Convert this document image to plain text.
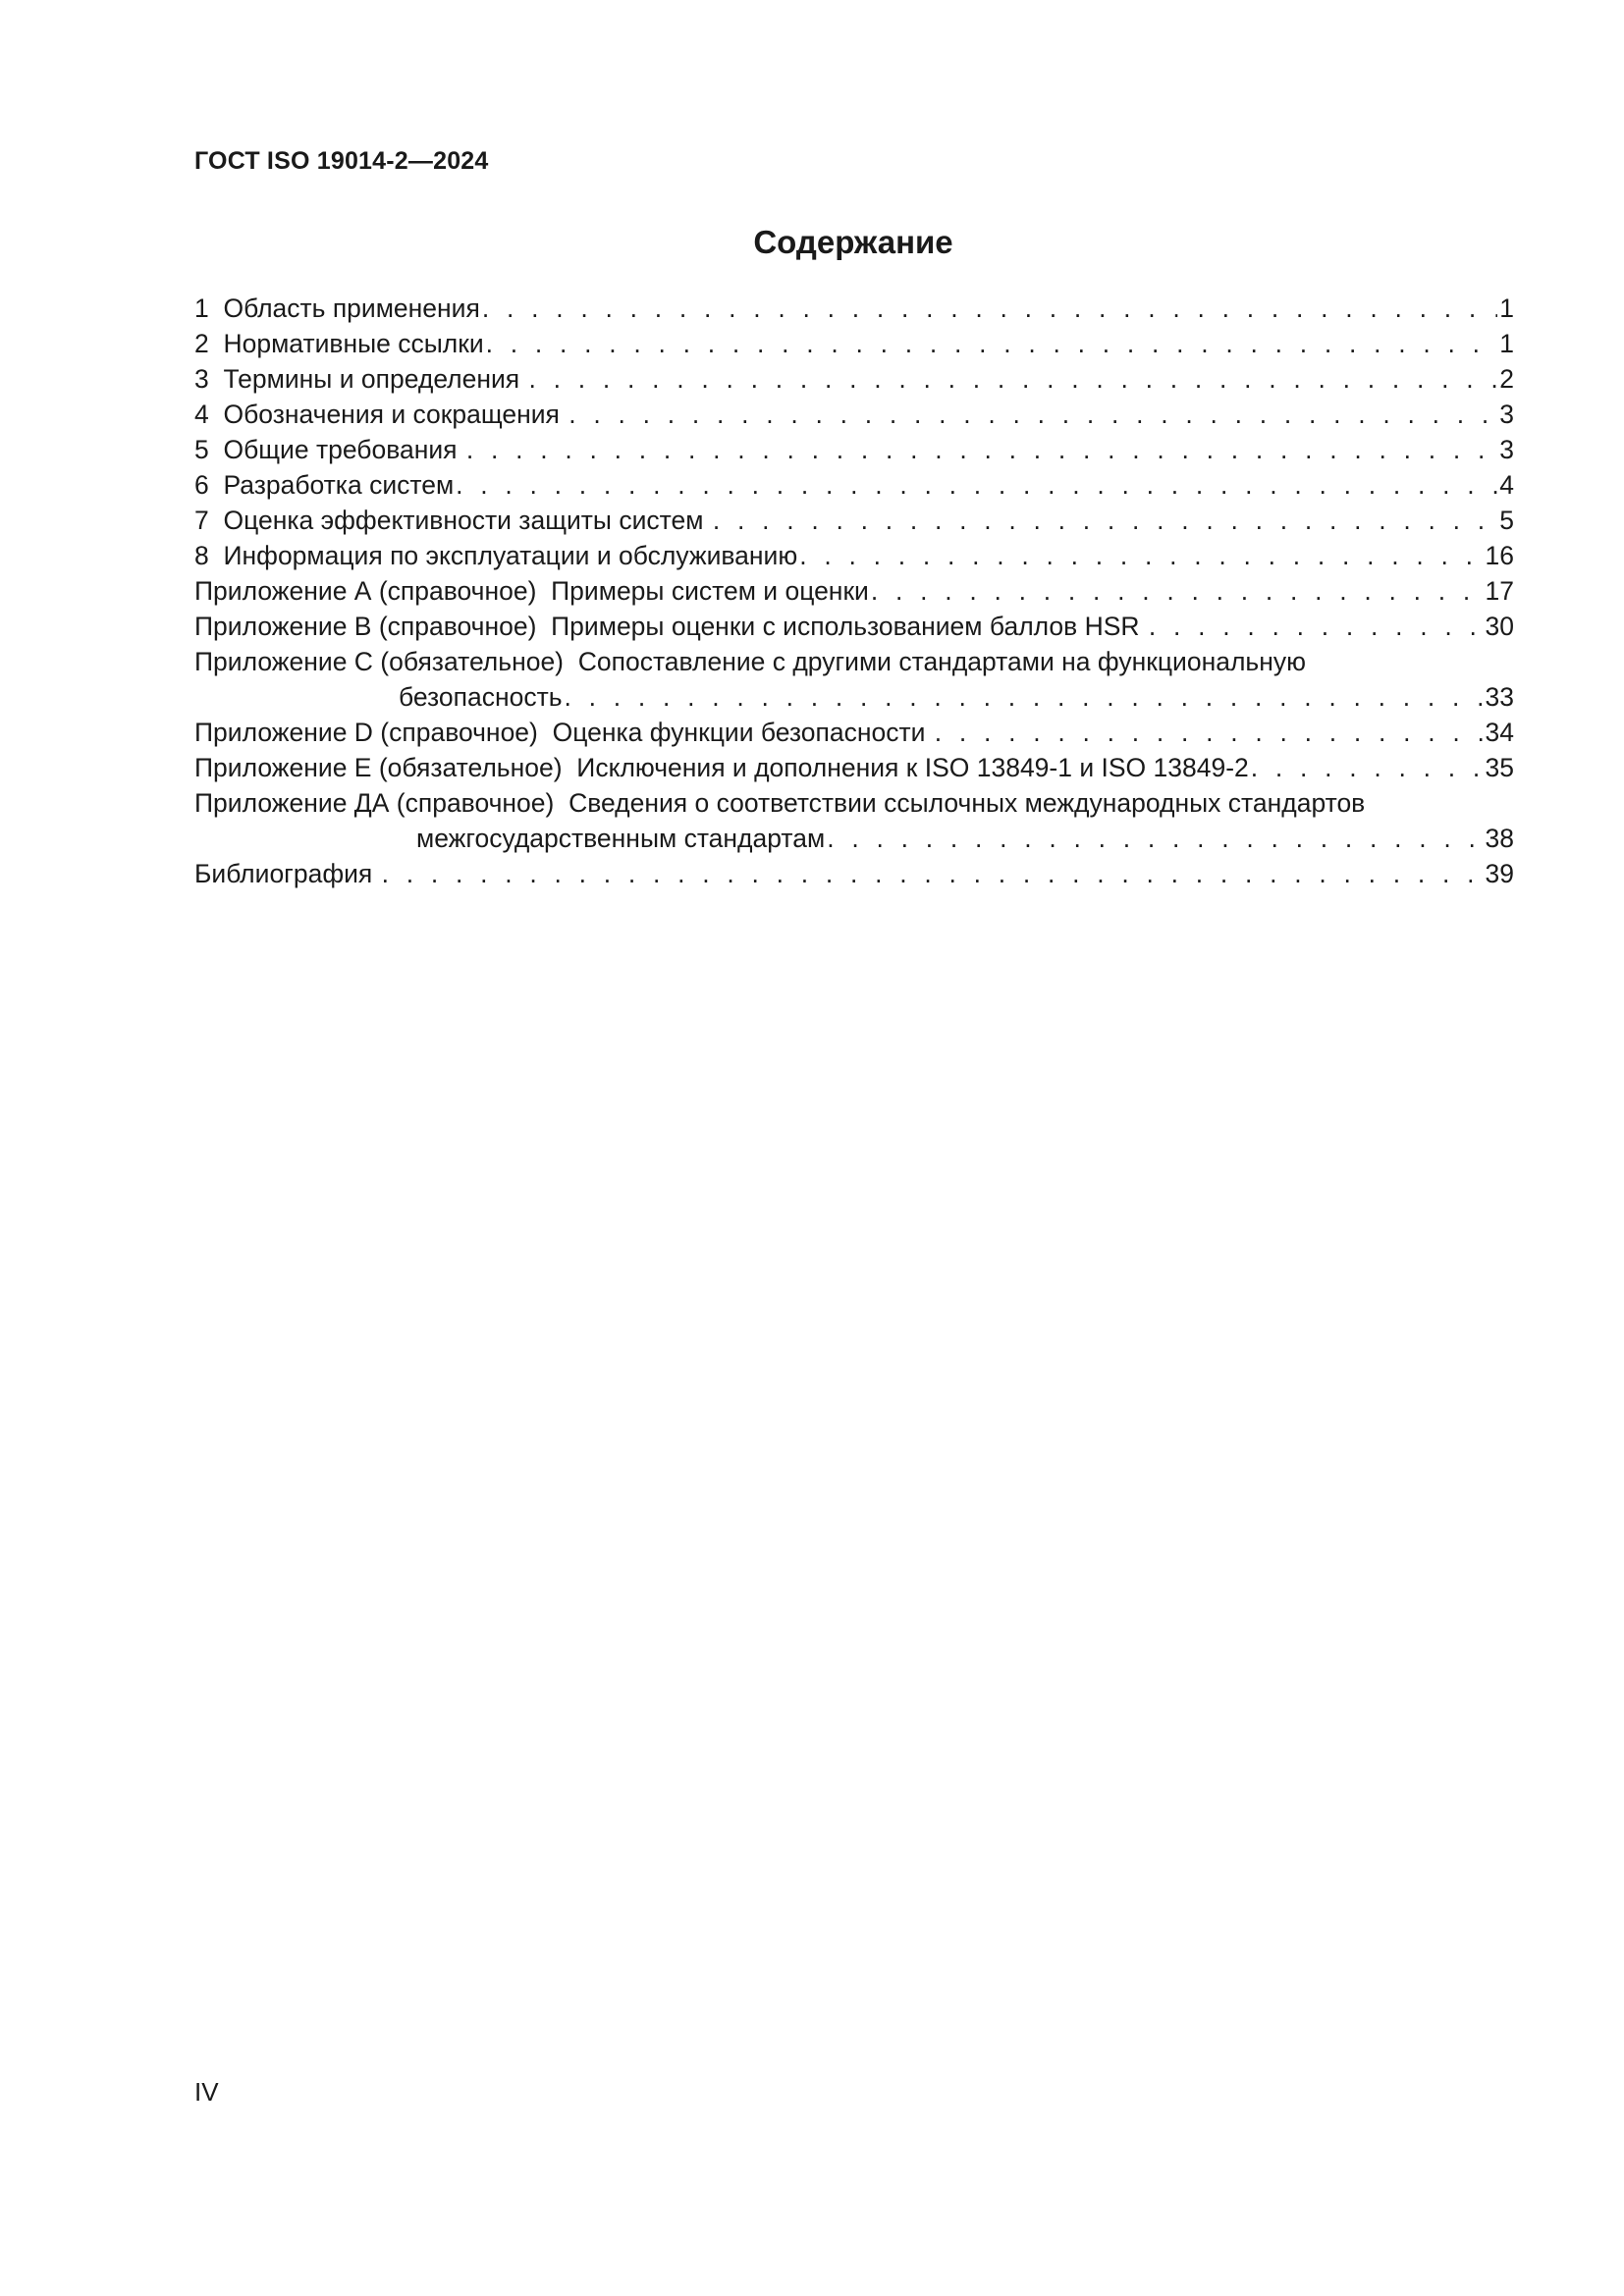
ГОСТ ISO 19014-2—2024
Содержание
1  Область применения . . .	1
2  Нормативные ссылки . . .	1
3  Термины и определения . . .	2
4  Обозначения и сокращения . . .	3
5  Общие требования . . .	3
6  Разработка систем . . .	4
7  Оценка эффективности защиты систем . . .	5
8  Информация по эксплуатации и обслуживанию . . .	16
Приложение А (справочное)  Примеры систем и оценки . . .	17
Приложение В (справочное)  Примеры оценки с использованием баллов HSR . . .	30
Приложение С (обязательное)  Сопоставление с другими стандартами на функциональную
безопасность . . .	33
Приложение D (справочное)  Оценка функции безопасности . . .	34
Приложение Е (обязательное)  Исключения и дополнения к ISO 13849-1 и ISO 13849-2 . . .	35
Приложение ДА (справочное)  Сведения о соответствии ссылочных международных стандартов
межгосударственным стандартам . . .	38
Библиография . . .	39
IV
